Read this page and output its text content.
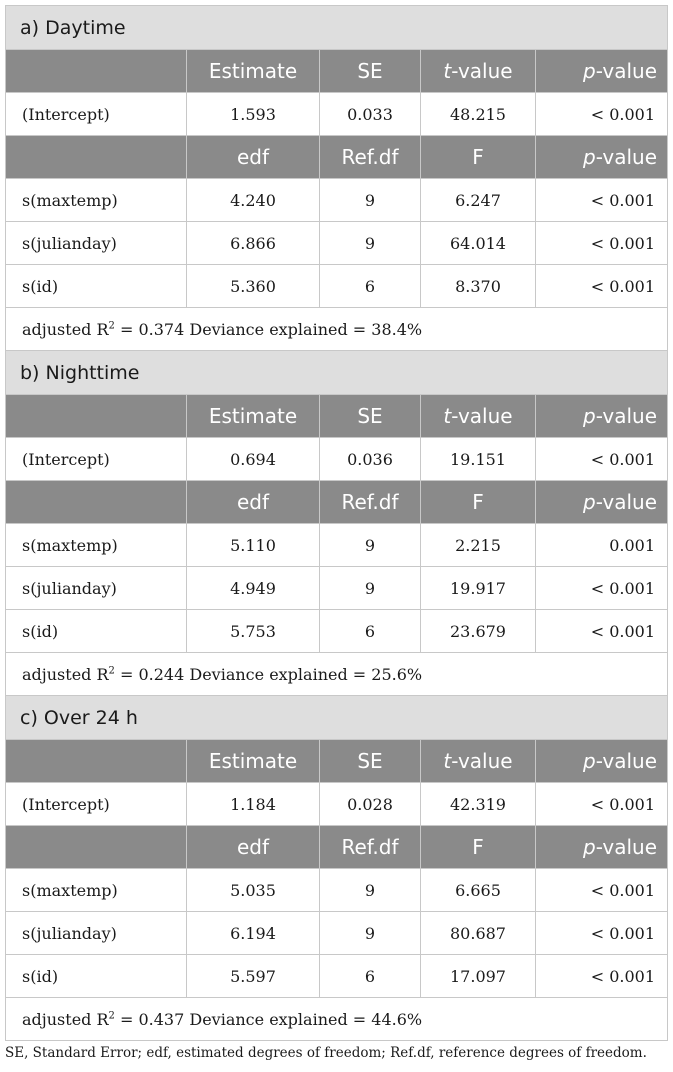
a) Daytime				
	Estimate	SE	t-value	p-value
(Intercept)	1.593	0.033	48.215	< 0.001
	edf	Ref.df	F	p-value
s(maxtemp)	4.240	9	6.247	< 0.001
s(julianday)	6.866	9	64.014	< 0.001
s(id)	5.360	6	8.370	< 0.001
adjusted $R^2 = 0.374$ Deviance explained = 38.4%				
b) Nighttime				
	Estimate	SE	t-value	p-value
(Intercept)	0.694	0.036	19.151	< 0.001
	edf	Ref.df	F	p-value
s(maxtemp)	5.110	9	2.215	0.001
s(julianday)	4.949	9	19.917	< 0.001
s(id)	5.753	6	23.679	< 0.001
adjusted $R^2 = 0.244$ Deviance explained = 25.6%				
c) Over 24 h				
	Estimate	SE	t-value	p-value
(Intercept)	1.184	0.028	42.319	< 0.001
	edf	Ref.df	F	p-value
s(maxtemp)	5.035	9	6.665	< 0.001
s(julianday)	6.194	9	80.687	< 0.001
s(id)	5.597	6	17.097	< 0.001
adjusted $R^2 = 0.437$ Deviance explained = 44.6%				
SE, Standard Error; edf, estimated degrees of freedom; Ref.df, reference degrees of freedom.
